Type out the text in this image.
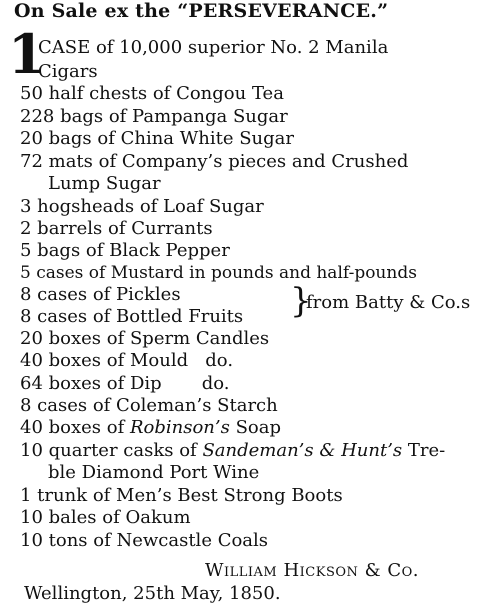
On Sale ex the “PERSEVERANCE.”
1
CASE of 10,000 superior No. 2 Manila
Cigars
50 half chests of Congou Tea
228 bags of Pampanga Sugar
20 bags of China White Sugar
72 mats of Company’s pieces and Crushed
Lump Sugar
3 hogsheads of Loaf Sugar
2 barrels of Currants
5 bags of Black Pepper
5 cases of Mustard in pounds and half-pounds
8 cases of Pickles
8 cases of Bottled Fruits }
from Batty & Co.s
20 boxes of Sperm Candles
40 boxes of Mould   do.
64 boxes of Dip       do.
8 cases of Coleman’s Starch
40 boxes of Robinson’s Soap
10 quarter casks of Sandeman’s & Hunt’s Tre-
ble Diamond Port Wine
1 trunk of Men’s Best Strong Boots
10 bales of Oakum
10 tons of Newcastle Coals
William Hickson & Co.
Wellington, 25th May, 1850.
